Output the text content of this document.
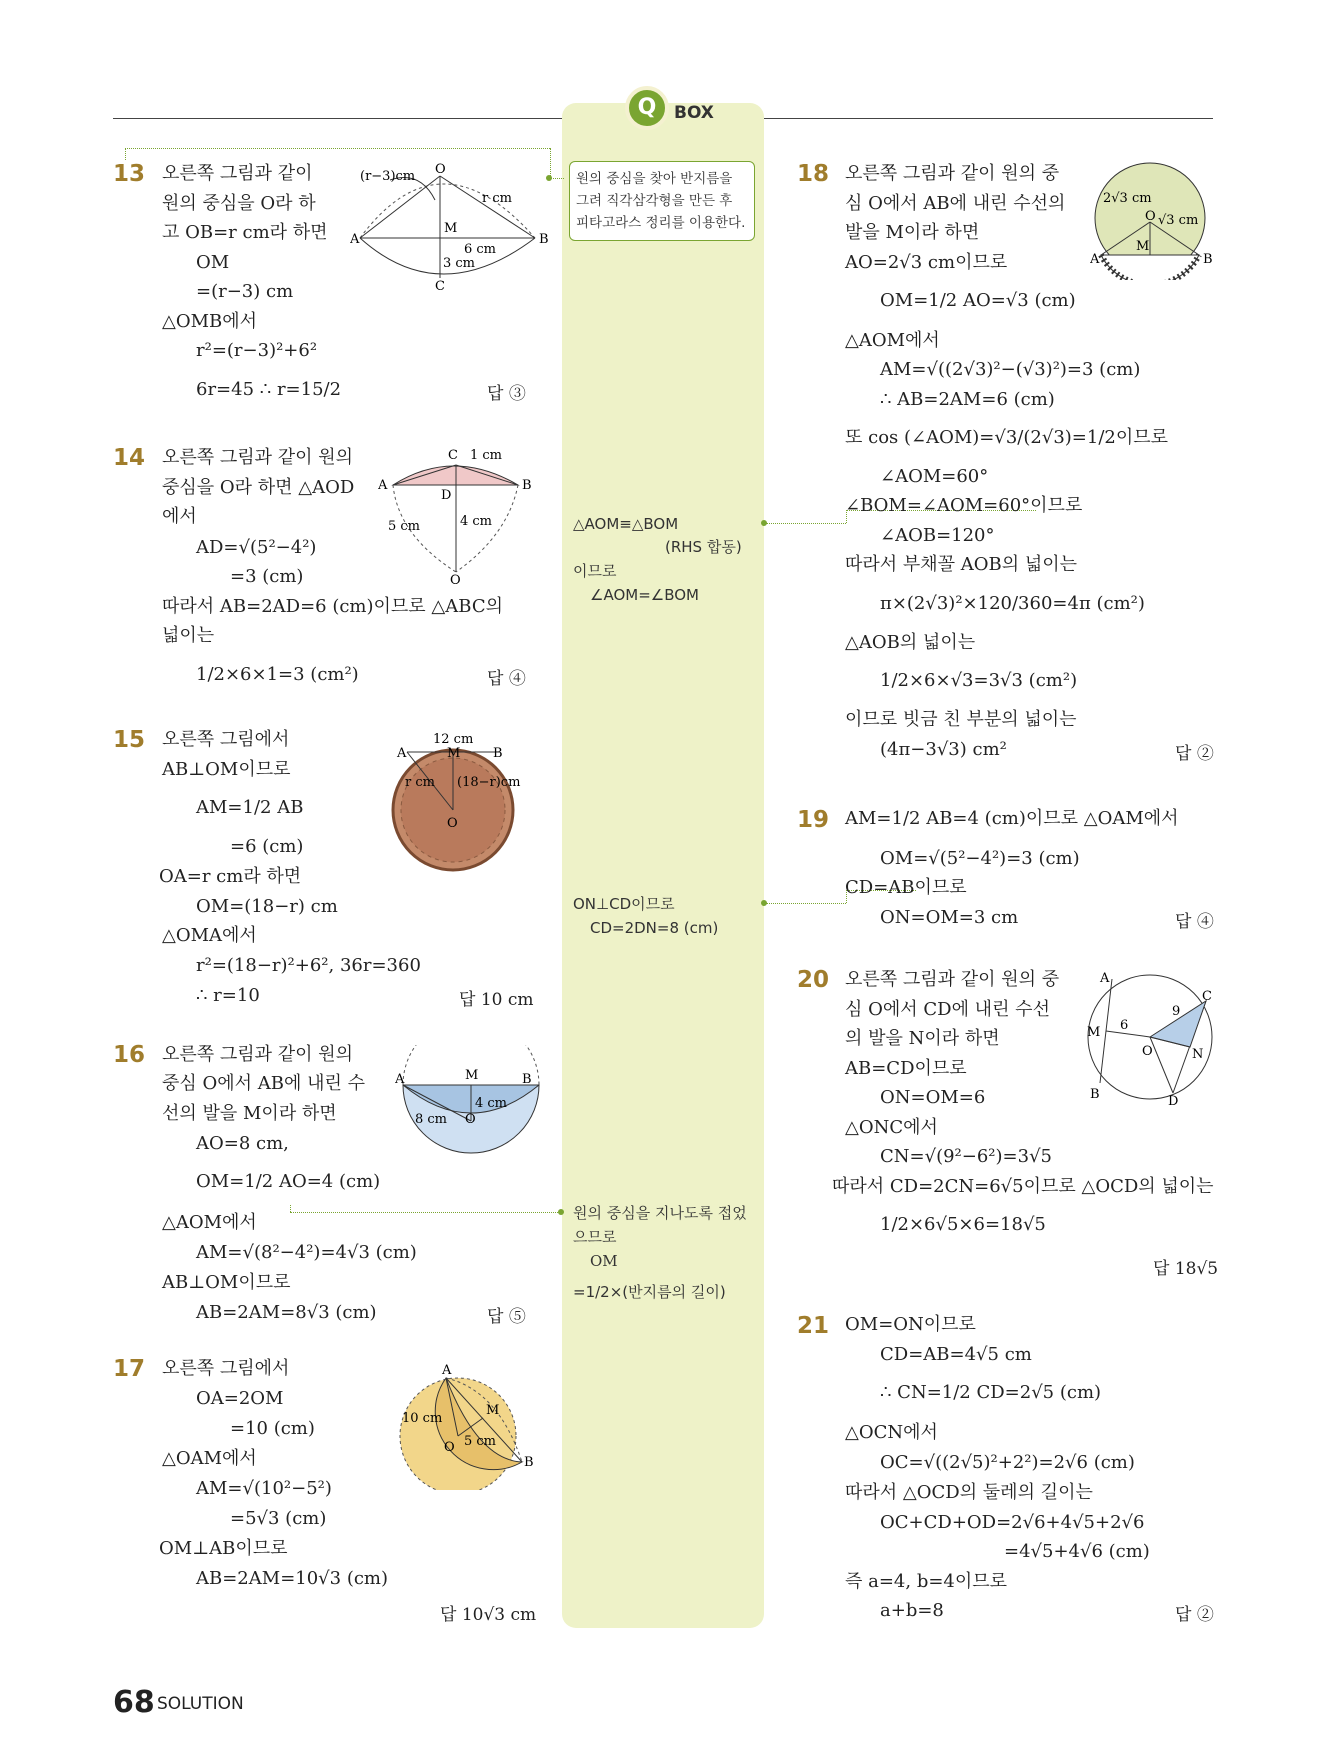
Q	BOX
13 오른쪽 그림과 같이
원의 중심을 O라 하
고 OB=r cm라 하면
OM
=(r−3) cm
△OMB에서
r²=(r−3)²+6²
6r=45 ∴ r=15/2	답 ③
(r−3)cm O
r cm
A
M
B
6 cm
3 cm
C
14 오른쪽 그림과 같이 원의
중심을 O라 하면 △AOD
에서
AD=√(5²−4²)
=3 (cm)
따라서 AB=2AD=6 (cm)이므로 △ABC의
넓이는
1/2×6×1=3 (cm²)	답 ④
C 1 cm
A
D
B
5 cm	4 cm
O
15 오른쪽 그림에서
AB⊥OM이므로
AM=1/2 AB
=6 (cm)
OA=r cm라 하면
OM=(18−r) cm
△OMA에서
r²=(18−r)²+6², 36r=360
∴ r=10	답 10 cm
12 cm
A	M	B
r cm (18−r)cm
O
16 오른쪽 그림과 같이 원의
중심 O에서 AB에 내린 수
선의 발을 M이라 하면
AO=8 cm,
OM=1/2 AO=4 (cm)
△AOM에서
AM=√(8²−4²)=4√3 (cm)
AB⊥OM이므로
AB=2AM=8√3 (cm)	답 ⑤
M
A	B
4 cm
8 cm O
17 오른쪽 그림에서
OA=2OM
=10 (cm)
△OAM에서
AM=√(10²−5²)
=5√3 (cm)
OM⊥AB이므로
AB=2AM=10√3 (cm)
답 10√3 cm
A
M
10 cm
O 5 cm
B
원의 중심을 찾아 반지름을
그려 직각삼각형을 만든 후
피타고라스 정리를 이용한다.
△AOM≡△BOM
(RHS 합동)
이므로
∠AOM=∠BOM
ON⊥CD이므로
CD=2DN=8 (cm)
원의 중심을 지나도록 접었
으므로
OM
=1/2×(반지름의 길이)
18 오른쪽 그림과 같이 원의 중
심 O에서 AB에 내린 수선의
발을 M이라 하면
AO=2√3 cm이므로
OM=1/2 AO=√3 (cm)
△AOM에서
AM=√((2√3)²−(√3)²)=3 (cm)
∴ AB=2AM=6 (cm)
또 cos (∠AOM)=√3/(2√3)=1/2이므로
∠AOM=60°
∠BOM=∠AOM=60°이므로
∠AOB=120°
따라서 부채꼴 AOB의 넓이는
π×(2√3)²×120/360=4π (cm²)
△AOB의 넓이는
1/2×6×√3=3√3 (cm²)
이므로 빗금 친 부분의 넓이는
(4π−3√3) cm²	답 ②
2√3 cm
O √3 cm
M
A	B
19 AM=1/2 AB=4 (cm)이므로 △OAM에서
OM=√(5²−4²)=3 (cm)
CD=AB이므로
ON=OM=3 cm	답 ④
20 오른쪽 그림과 같이 원의 중
심 O에서 CD에 내린 수선
의 발을 N이라 하면
AB=CD이므로
ON=OM=6
△ONC에서
CN=√(9²−6²)=3√5
따라서 CD=2CN=6√5이므로 △OCD의 넓이는
1/2×6√5×6=18√5
답 18√5
A
C
9
M 6
O	N
B	D
21 OM=ON이므로
CD=AB=4√5 cm
∴ CN=1/2 CD=2√5 (cm)
△OCN에서
OC=√((2√5)²+2²)=2√6 (cm)
따라서 △OCD의 둘레의 길이는
OC+CD+OD=2√6+4√5+2√6
=4√5+4√6 (cm)
즉 a=4, b=4이므로
a+b=8	답 ②
68 SOLUTION
